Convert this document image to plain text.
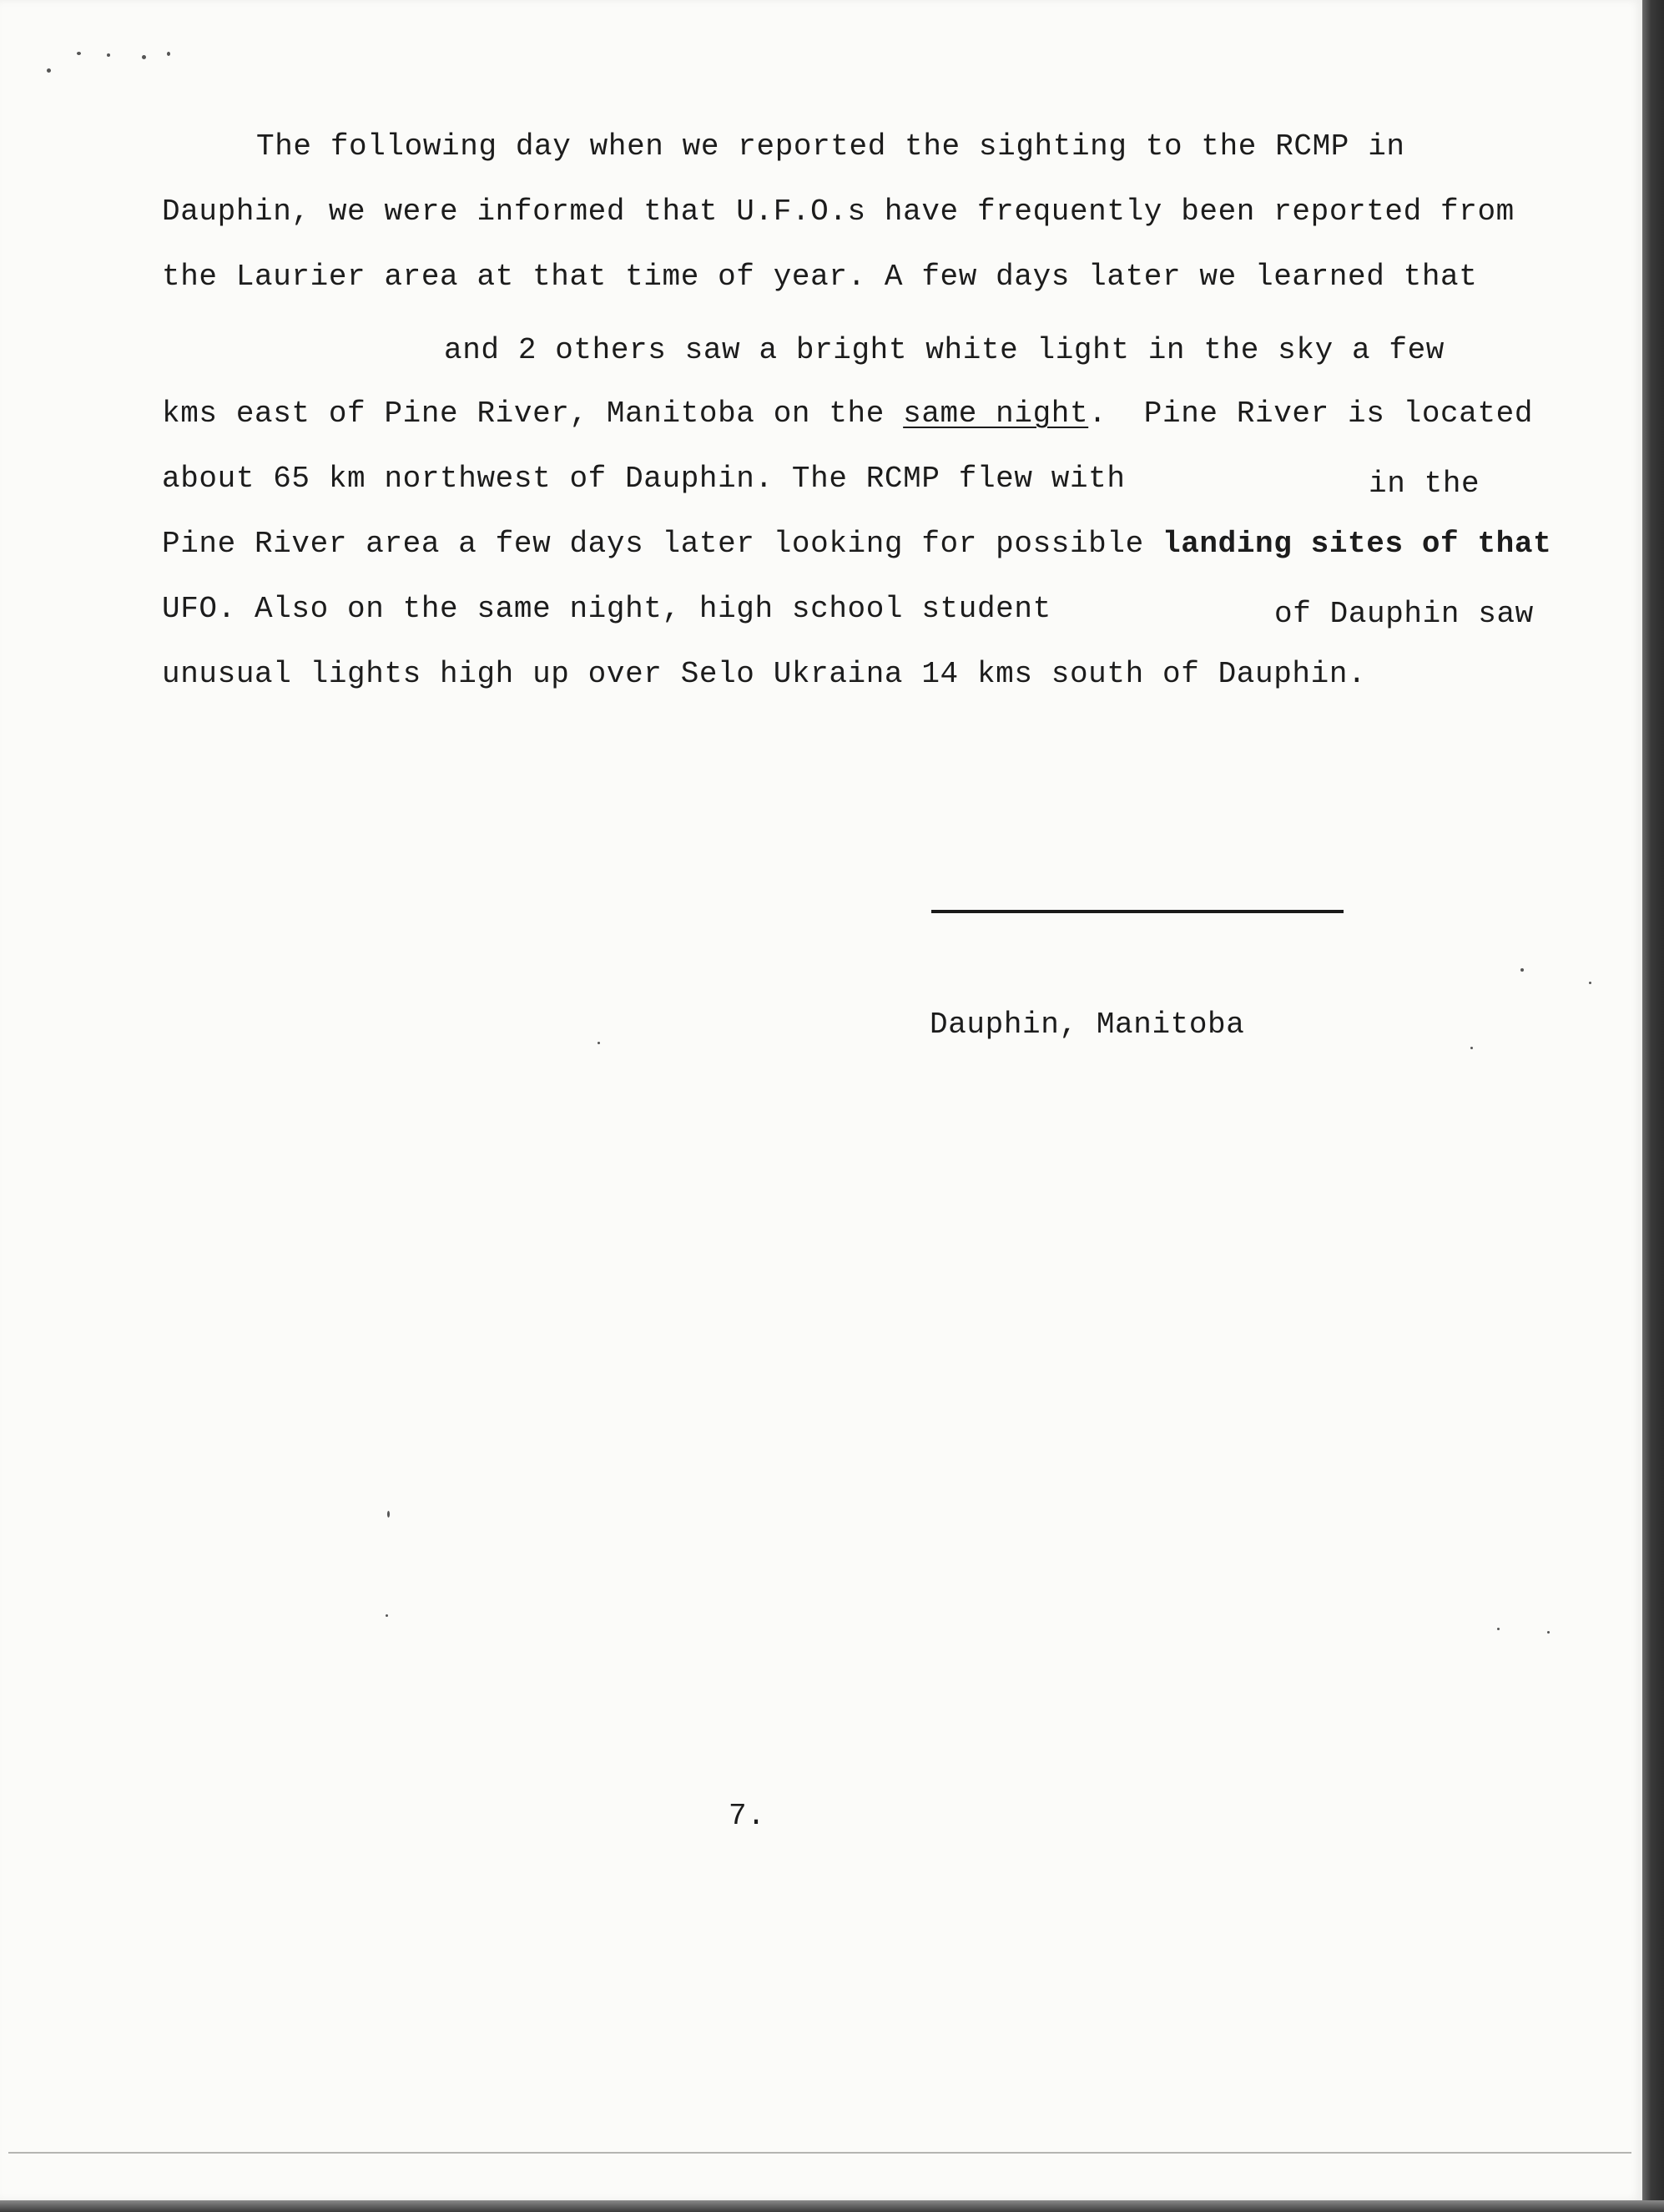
The following day when we reported the sighting to the RCMP in
Dauphin, we were informed that U.F.O.s have frequently been reported from
the Laurier area at that time of year. A few days later we learned that
and 2 others saw a bright white light in the sky a few
kms east of Pine River, Manitoba on the same night.  Pine River is located
about 65 km northwest of Dauphin. The RCMP flew with	in the
Pine River area a few days later looking for possible landing sites of that
UFO. Also on the same night, high school student	of Dauphin saw
unusual lights high up over Selo Ukraina 14 kms south of Dauphin.
Dauphin, Manitoba
7.
